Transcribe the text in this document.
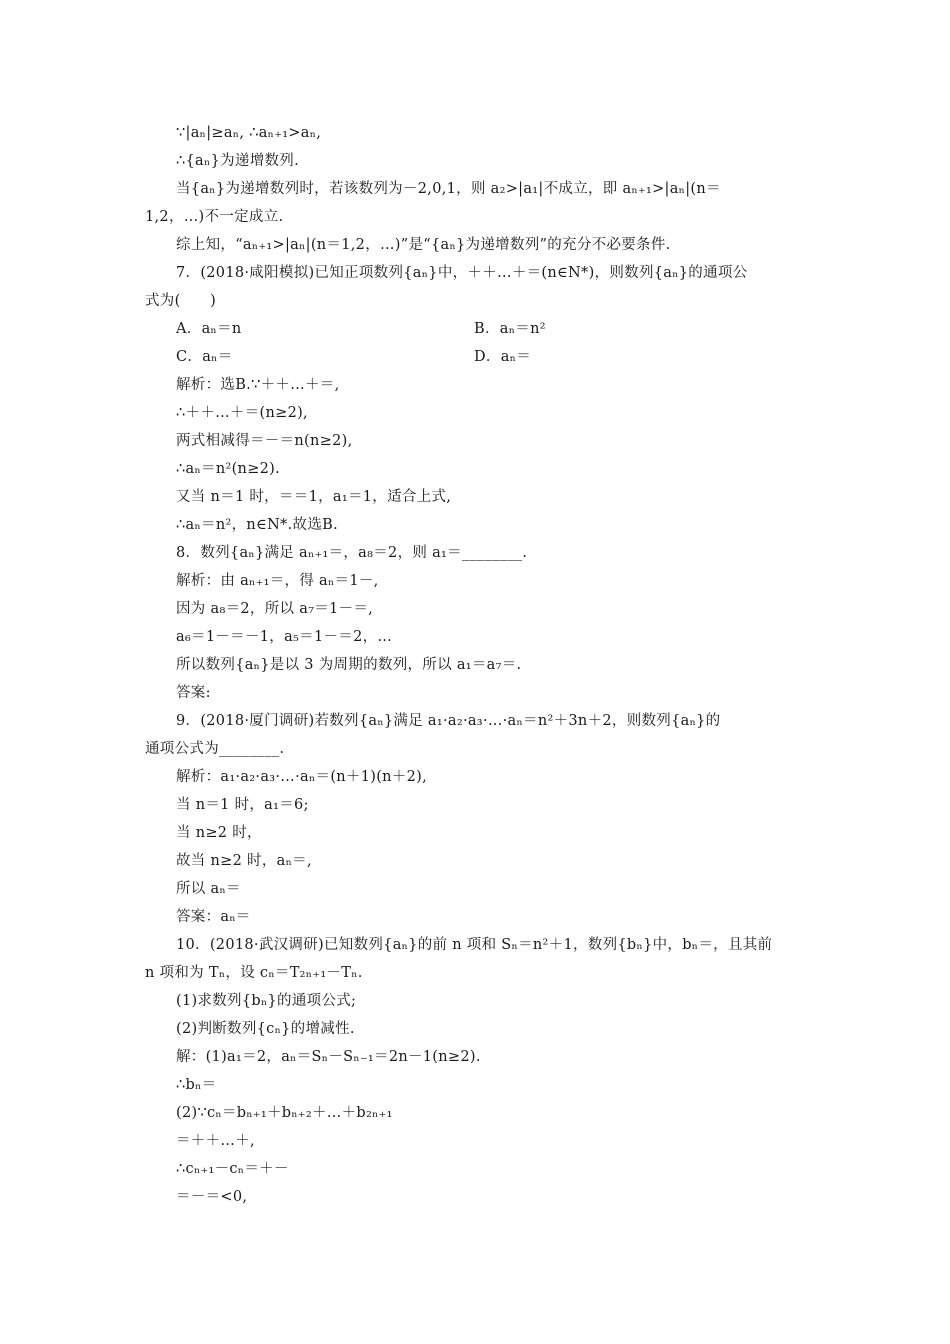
∵|aₙ|≥aₙ, ∴aₙ₊₁>aₙ,
∴{aₙ}为递增数列.
当{aₙ}为递增数列时，若该数列为－2,0,1，则 a₂>|a₁|不成立，即 aₙ₊₁>|aₙ|(n＝
1,2，…)不一定成立.
综上知，“aₙ₊₁>|aₙ|(n＝1,2，…)”是“{aₙ}为递增数列”的充分不必要条件.
7．(2018·咸阳模拟)已知正项数列{aₙ}中，＋＋…＋＝(n∈N*)，则数列{aₙ}的通项公
式为(　　)
A．aₙ＝n	B．aₙ＝n²
C．aₙ＝	D．aₙ＝
解析：选B.∵＋＋…＋＝,
∴＋＋…＋＝(n≥2),
两式相减得＝－＝n(n≥2),
∴aₙ＝n²(n≥2).
又当 n＝1 时，＝＝1，a₁＝1，适合上式,
∴aₙ＝n²，n∈N*.故选B.
8．数列{aₙ}满足 aₙ₊₁＝，a₈＝2，则 a₁＝________.
解析：由 aₙ₊₁＝，得 aₙ＝1－,
因为 a₈＝2，所以 a₇＝1－＝,
a₆＝1－＝－1，a₅＝1－＝2，…
所以数列{aₙ}是以 3 为周期的数列，所以 a₁＝a₇＝.
答案:
9．(2018·厦门调研)若数列{aₙ}满足 a₁·a₂·a₃·…·aₙ＝n²＋3n＋2，则数列{aₙ}的
通项公式为________.
解析：a₁·a₂·a₃·…·aₙ＝(n＋1)(n＋2),
当 n＝1 时，a₁＝6;
当 n≥2 时，
故当 n≥2 时，aₙ＝,
所以 aₙ＝
答案：aₙ＝
10．(2018·武汉调研)已知数列{aₙ}的前 n 项和 Sₙ＝n²＋1，数列{bₙ}中，bₙ＝，且其前
n 项和为 Tₙ，设 cₙ＝T₂ₙ₊₁－Tₙ.
(1)求数列{bₙ}的通项公式;
(2)判断数列{cₙ}的增减性.
解：(1)a₁＝2，aₙ＝Sₙ－Sₙ₋₁＝2n－1(n≥2).
∴bₙ＝
(2)∵cₙ＝bₙ₊₁＋bₙ₊₂＋…＋b₂ₙ₊₁
＝＋＋…＋,
∴cₙ₊₁－cₙ＝＋－
＝－＝<0,
